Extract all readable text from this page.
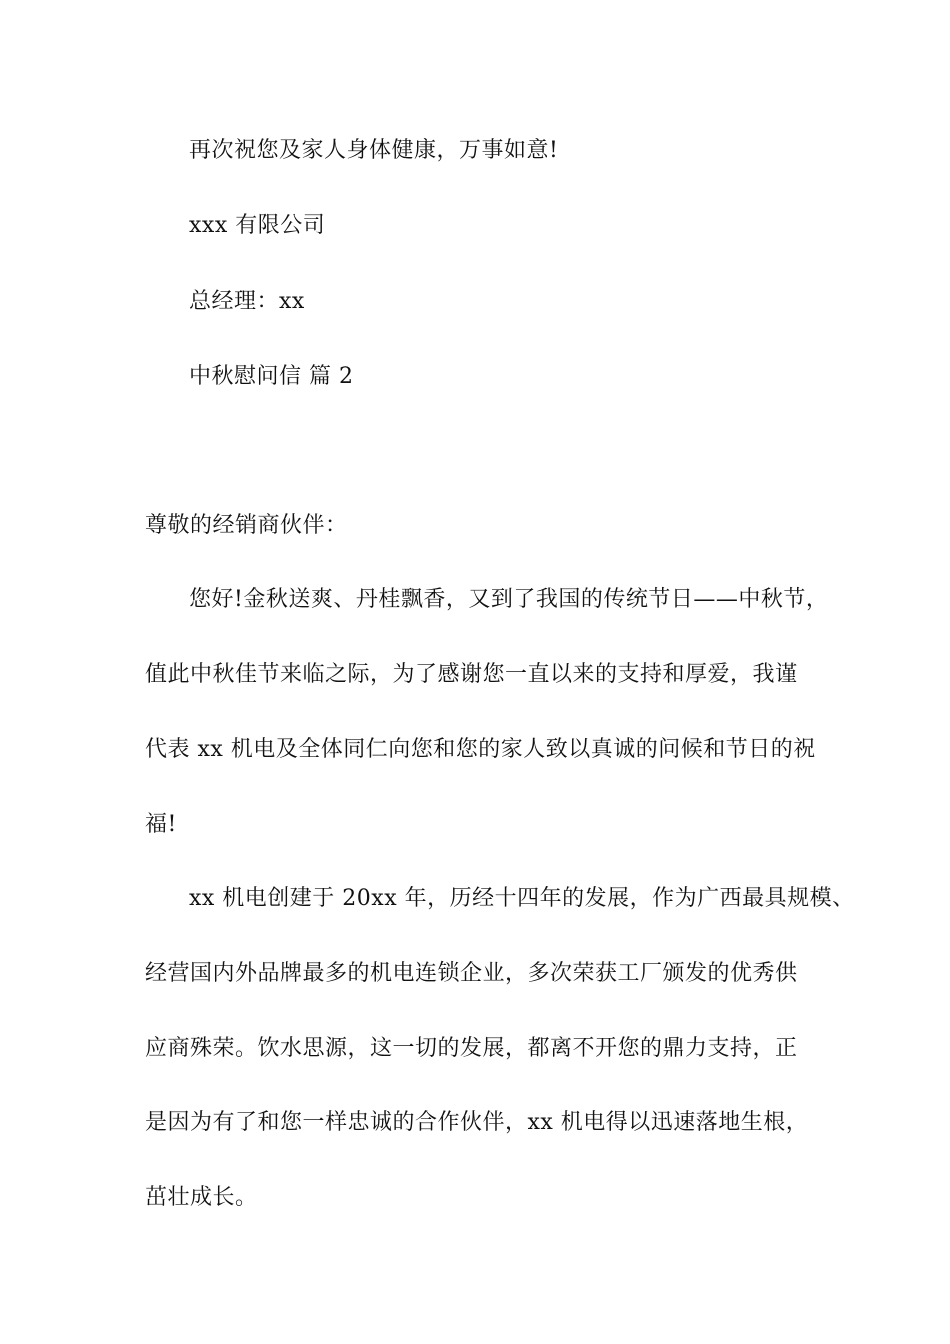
再次祝您及家人身体健康，万事如意!
xxx 有限公司
总经理：xx
中秋慰问信 篇 2
尊敬的经销商伙伴：
您好!金秋送爽、丹桂飘香，又到了我国的传统节日——中秋节，
值此中秋佳节来临之际，为了感谢您一直以来的支持和厚爱，我谨
代表 xx 机电及全体同仁向您和您的家人致以真诚的问候和节日的祝
福!
xx 机电创建于 20xx 年，历经十四年的发展，作为广西最具规模、
经营国内外品牌最多的机电连锁企业，多次荣获工厂颁发的优秀供
应商殊荣。饮水思源，这一切的发展，都离不开您的鼎力支持，正
是因为有了和您一样忠诚的合作伙伴，xx 机电得以迅速落地生根，
茁壮成长。
